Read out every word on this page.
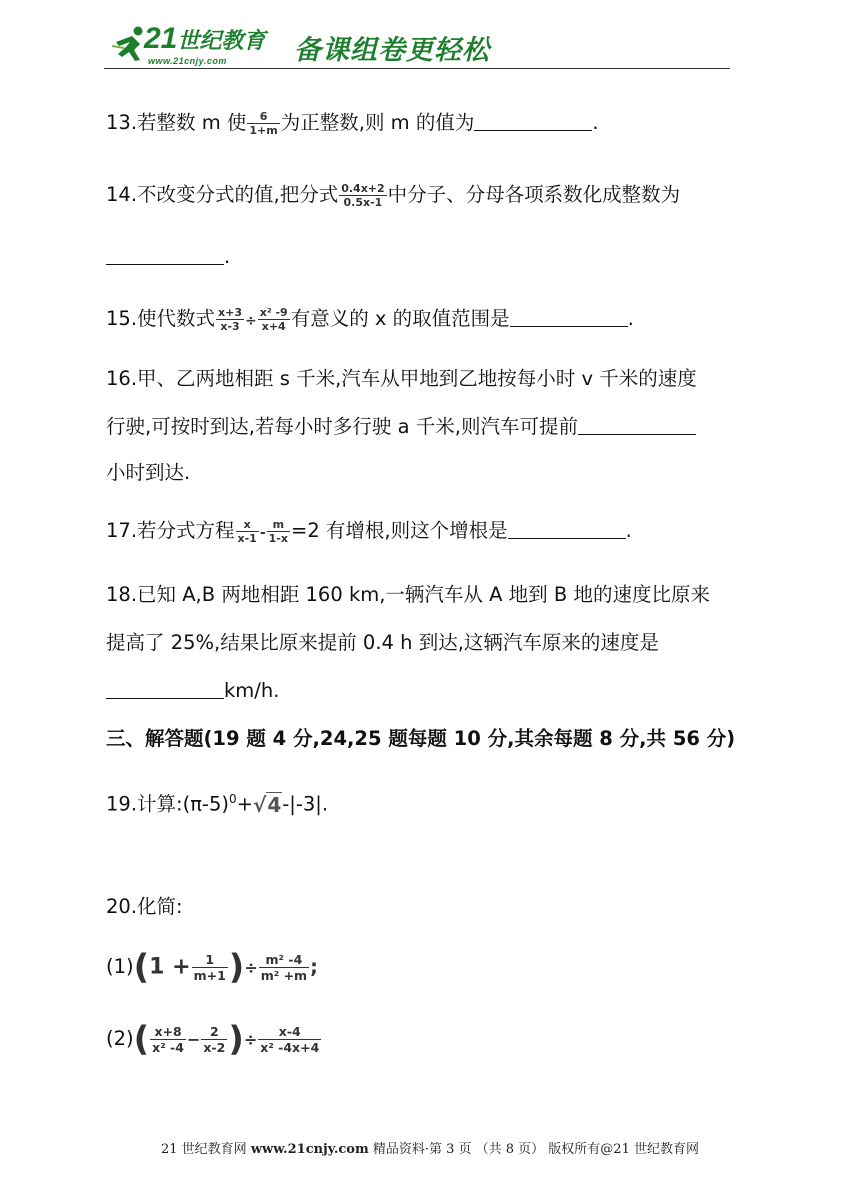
21世纪教育
www.21cnjy.com 备课组卷更轻松
13.若整数 m 使 $\frac{6}{1+m}$ 为正整数,则 m 的值为	.
14.不改变分式的值,把分式 $\frac{0.4x+2}{0.5x-1}$ 中分子、分母各项系数化成整数为
.
15.使代数式 $\frac{x+3}{x-3} \div \frac{\text{x² -9}}{x+4}$ 有意义的 x 的取值范围是	.
16.甲、乙两地相距 s 千米,汽车从甲地到乙地按每小时 v 千米的速度
行驶,可按时到达,若每小时多行驶 a 千米,则汽车可提前
小时到达.
17.若分式方程 $\frac{x}{x-1} - \frac{m}{1-x} =2$ 有增根,则这个增根是	.
18.已知 A,B 两地相距 160 km,一辆汽车从 A 地到 B 地的速度比原来
提高了 25%,结果比原来提前 0.4 h 到达,这辆汽车原来的速度是
km/h.
三、解答题(19 题 4 分,24,25 题每题 10 分,其余每题 8 分,共 56 分)
19.计算$:(\pi-5)^0+√4-|-3|$.
20.化简:
$(1)(1 + \frac{1}{m+1}$ )÷ $\frac{\text{m² -4}}{\text{m² +m}}$ ;
$(2)( \frac{x+8}{\text{x² -4}} - \frac{2}{x-2}$ )÷ $\frac{x-4}{\text{x² -4x+4}}$
21 世纪教育网 www.21cnjy.com 精品资料·第 3 页 （共 8 页） 版权所有@21 世纪教育网
